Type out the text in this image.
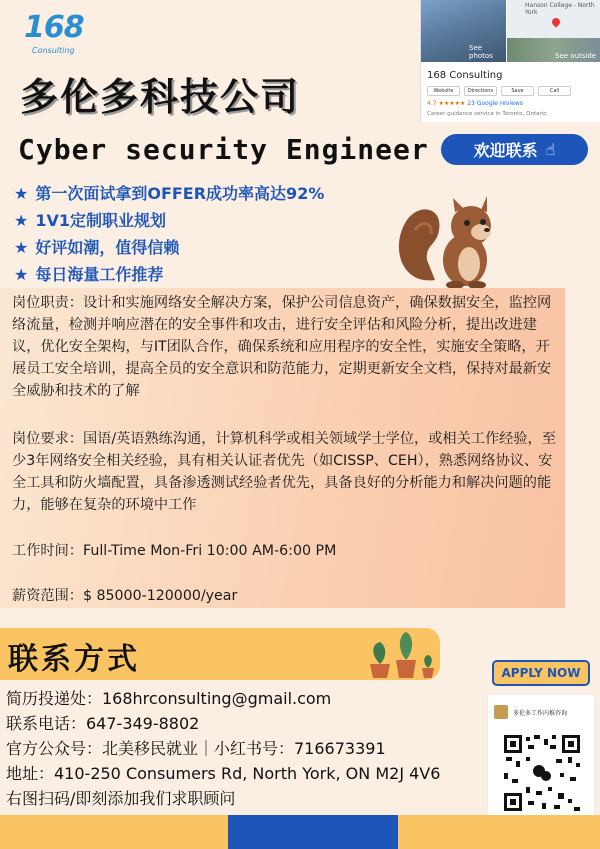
168
Consulting	See photos
Hanson College - North York
See outside
168 Consulting
Website	Directions	Save	Call
4.7 ★★★★★ 23 Google reviews
Career guidance service in Toronto, Ontario
多伦多科技公司
Cyber security Engineer	欢迎联系 ☝
★ 第一次面试拿到OFFER成功率高达92%
★ 1V1定制职业规划
★ 好评如潮，值得信赖
★ 每日海量工作推荐

岗位职责：设计和实施网络安全解决方案，保护公司信息资产，确保数据安全，监控网络流量，检测并响应潜在的安全事件和攻击，进行安全评估和风险分析，提出改进建议，优化安全架构，与IT团队合作，确保系统和应用程序的安全性，实施安全策略，开展员工安全培训，提高全员的安全意识和防范能力，定期更新安全文档，保持对最新安全威胁和技术的了解

岗位要求：国语/英语熟练沟通，计算机科学或相关领域学士学位，或相关工作经验，至少3年网络安全相关经验，具有相关认证者优先（如CISSP、CEH），熟悉网络协议、安全工具和防火墙配置，具备渗透测试经验者优先，具备良好的分析能力和解决问题的能力，能够在复杂的环境中工作

工作时间：Full-Time Mon-Fri 10:00 AM-6:00 PM

薪资范围：$ 85000-120000/year

联系方式	APPLY NOW
简历投递处：168hrconsulting@gmail.com
联系电话：647-349-8802
官方公众号：北美移民就业｜小红书号：716673391
地址：410-250 Consumers Rd, North York, ON M2J 4V6
右图扫码/即刻添加我们求职顾问
多伦多工作内推咨询
